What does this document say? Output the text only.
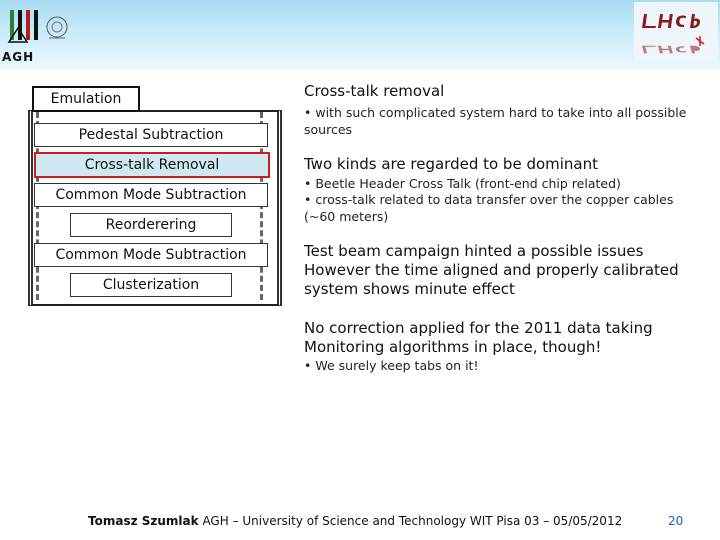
AGH
Emulation
Pedestal Subtraction
Cross-talk Removal
Common Mode Subtraction
Reorderering
Common Mode Subtraction
Clusterization
Cross-talk removal
• with such complicated system hard to take into all possible sources
Two kinds are regarded to be dominant
• Beetle Header Cross Talk (front-end chip related)
• cross-talk related to data transfer over the copper cables (~60 meters)
Test beam campaign hinted a possible issues
However the time aligned and properly calibrated
system shows minute effect
No correction applied for the 2011 data taking
Monitoring algorithms in place, though!
• We surely keep tabs on it!
Tomasz Szumlak AGH – University of Science and Technology WIT Pisa 03 – 05/05/2012	20
